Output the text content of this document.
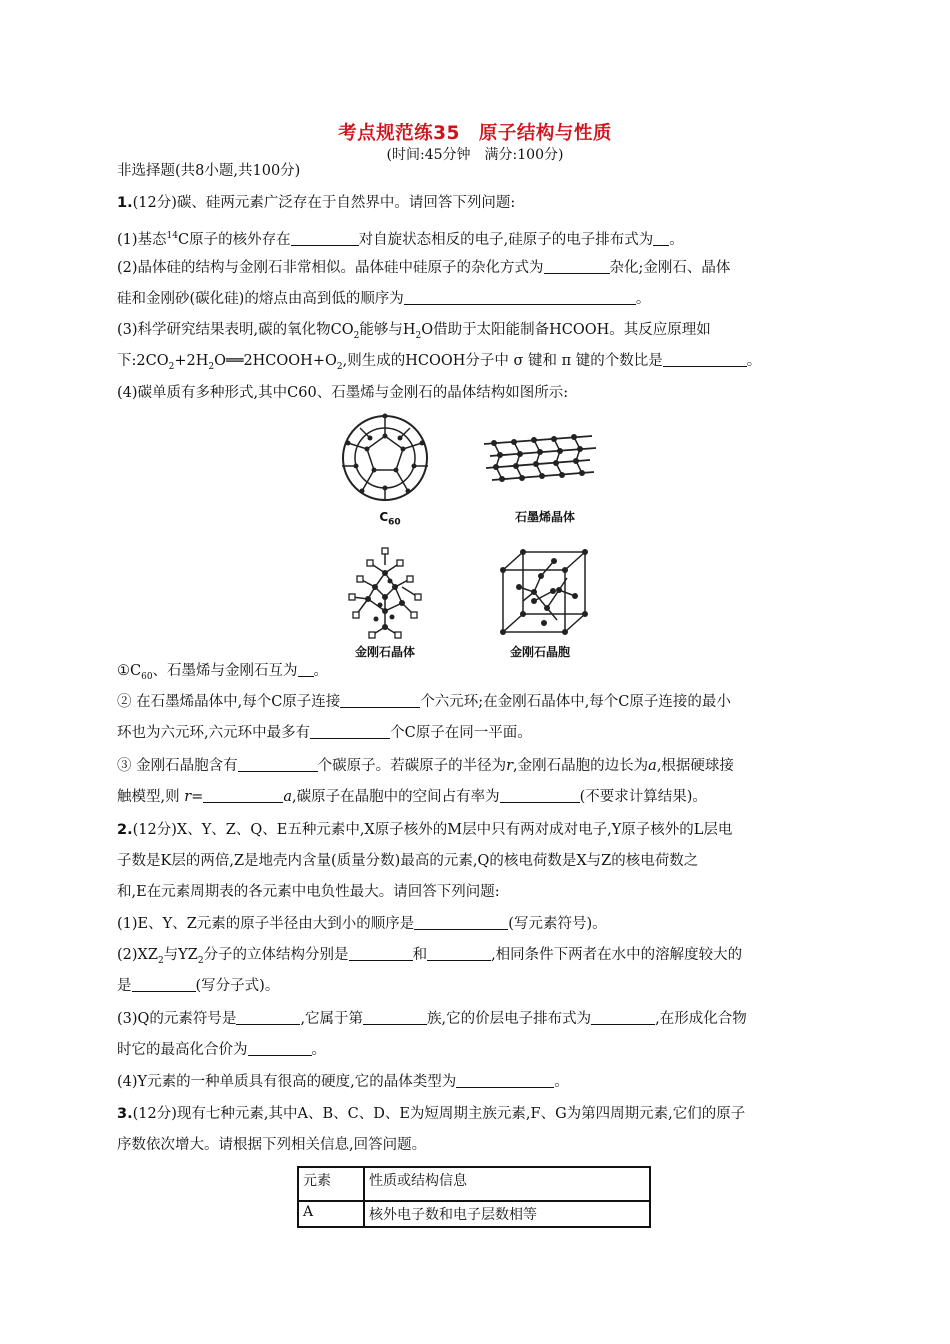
考点规范练35　原子结构与性质
(时间:45分钟　满分:100分)
非选择题(共8小题,共100分)
1.(12分)碳、硅两元素广泛存在于自然界中。请回答下列问题:
(1)基态$^{14}$C原子的核外存在	对自旋状态相反的电子,硅原子的电子排布式为 。
(2)晶体硅的结构与金刚石非常相似。晶体硅中硅原子的杂化方式为	杂化;金刚石、晶体
硅和金刚砂(碳化硅)的熔点由高到低的顺序为	。
(3)科学研究结果表明,碳的氧化物$CO_2$能够与$H_2O$借助于太阳能制备HCOOH。其反应原理如
下$:2CO_2+2H_2O══2HCOOH+O_2$,则生成的HCOOH分子中 σ 键和 π 键的个数比是	。
(4)碳单质有多种形式,其中C60、石墨烯与金刚石的晶体结构如图所示:
$C_{60}$	石墨烯晶体
金刚石晶体	金刚石晶胞
$①C_{60}$、石墨烯与金刚石互为 。
② 在石墨烯晶体中,每个C原子连接	个六元环;在金刚石晶体中,每个C原子连接的最小
环也为六元环,六元环中最多有	个C原子在同一平面。
③ 金刚石晶胞含有	个碳原子。若碳原子的半径为r,金刚石晶胞的边长为a,根据硬球接
触模型,则 r=	a,碳原子在晶胞中的空间占有率为	(不要求计算结果)。
2.(12分)X、Y、Z、Q、E五种元素中,X原子核外的M层中只有两对成对电子,Y原子核外的L层电
子数是K层的两倍,Z是地壳内含量(质量分数)最高的元素,Q的核电荷数是X与Z的核电荷数之
和,E在元素周期表的各元素中电负性最大。请回答下列问题:
(1)E、Y、Z元素的原子半径由大到小的顺序是	(写元素符号)。
$(2)XZ_2$与$YZ_2$分子的立体结构分别是	和	,相同条件下两者在水中的溶解度较大的
是	(写分子式)。
(3)Q的元素符号是	,它属于第	族,它的价层电子排布式为	,在形成化合物
时它的最高化合价为	。
(4)Y元素的一种单质具有很高的硬度,它的晶体类型为	。
3.(12分)现有七种元素,其中A、B、C、D、E为短周期主族元素,F、G为第四周期元素,它们的原子
序数依次增大。请根据下列相关信息,回答问题。
元素	性质或结构信息
A	核外电子数和电子层数相等
